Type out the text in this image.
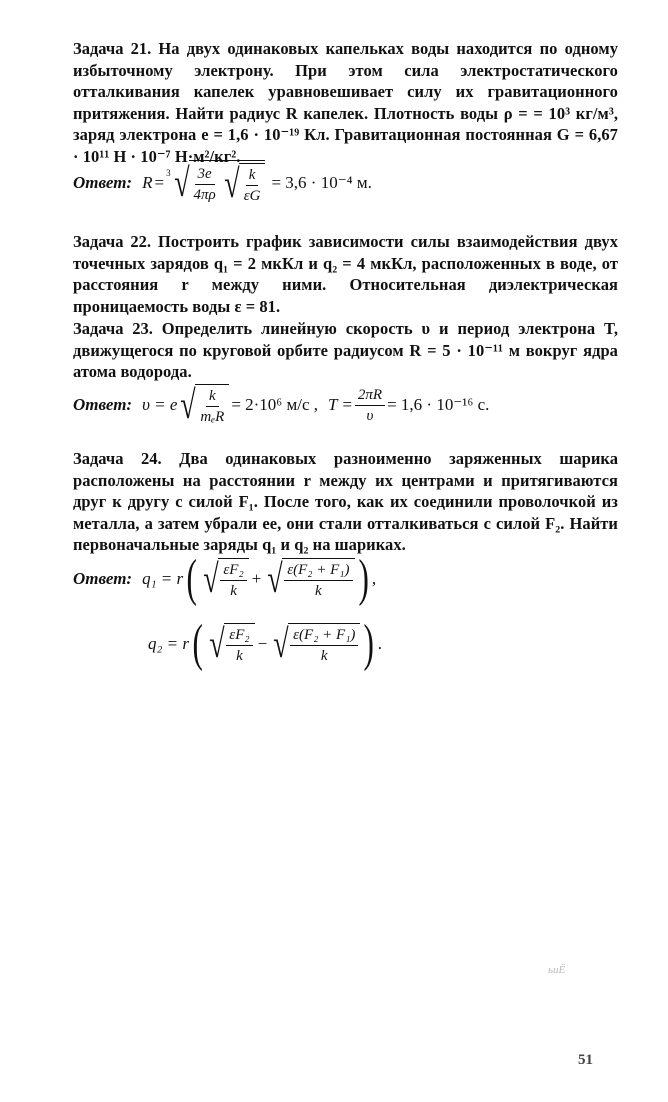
Задача 21. На двух одинаковых капельках воды находится по одному избыточному электрону. При этом сила электростатического отталкивания капелек уравновешивает силу их гравитационного притяжения. Найти радиус R капелек. Плотность воды ρ = = 10³ кг/м³, заряд электрона e = 1,6 · 10⁻¹⁹ Кл. Гравитационная постоянная G = 6,67 · 10¹¹ Н · 10⁻⁷ Н·м²/кг².

Ответ: R = 3 √ $\frac{3e}{4\pi\rho}$ √ $\frac{k}{\varepsilon G} = 3,6 \cdot 10^{-4}$ м.

Задача 22. Построить график зависимости силы взаимодействия двух точечных зарядов q₁ = 2 мкКл и q₂ = 4 мкКл, расположенных в воде, от расстояния r между ними. Относительная диэлектрическая проницаемость воды ε = 81.

Задача 23. Определить линейную скорость υ и период электрона T, движущегося по круговой орбите радиусом R = 5 · 10⁻¹¹ м вокруг ядра атома водорода.

Ответ: υ = e √ $\frac{k}{\text{mₑR}} = 2\cdot 10^6$ м/с , $T = \frac{2\pi R}{\upsilon} = 1,6 \cdot 10^{-16}$ с.

Задача 24. Два одинаковых разноименно заряженных шарика расположены на расстоянии r между их центрами и притягиваются друг к другу с силой F₁. После того, как их соединили проволочкой из металла, а затем убрали ее, они стали отталкиваться с силой F₂. Найти первоначальные заряды q₁ и q₂ на шариках.

Ответ: q₁ = r ( √ $\frac{\text{εF₂}}{k}$ + √ $\frac{\text{ε(F₂ + F₁)}}{k}$ ) ,
q₂ = r ( √ $\frac{\text{εF₂}}{k}$ − √ $\frac{\text{ε(F₂ + F₁)}}{k}$ ) .
ьиЁ
51
